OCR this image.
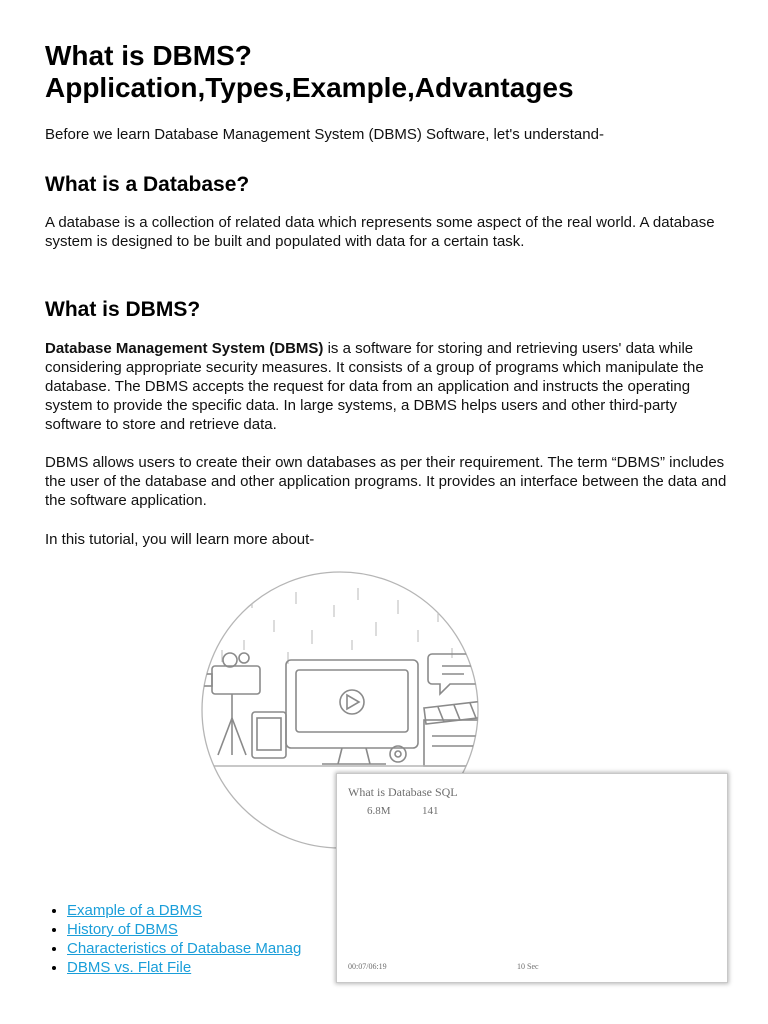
What is DBMS?
Application,Types,Example,Advantages

Before we learn Database Management System (DBMS) Software, let's understand-

What is a Database?

A database is a collection of related data which represents some aspect of the real world. A database system is designed to be built and populated with data for a certain task.

What is DBMS?

Database Management System (DBMS) is a software for storing and retrieving users' data while considering appropriate security measures. It consists of a group of programs which manipulate the database. The DBMS accepts the request for data from an application and instructs the operating system to provide the specific data. In large systems, a DBMS helps users and other third-party software to store and retrieve data.

DBMS allows users to create their own databases as per their requirement. The term “DBMS” includes the user of the database and other application programs. It provides an interface between the data and the software application.

In this tutorial, you will learn more about-

• Example of a DBMS
• History of DBMS
• Characteristics of Database Manag
• DBMS vs. Flat File
What is Database SQL
6.8M	141
00:07/06:19	10 Sec
